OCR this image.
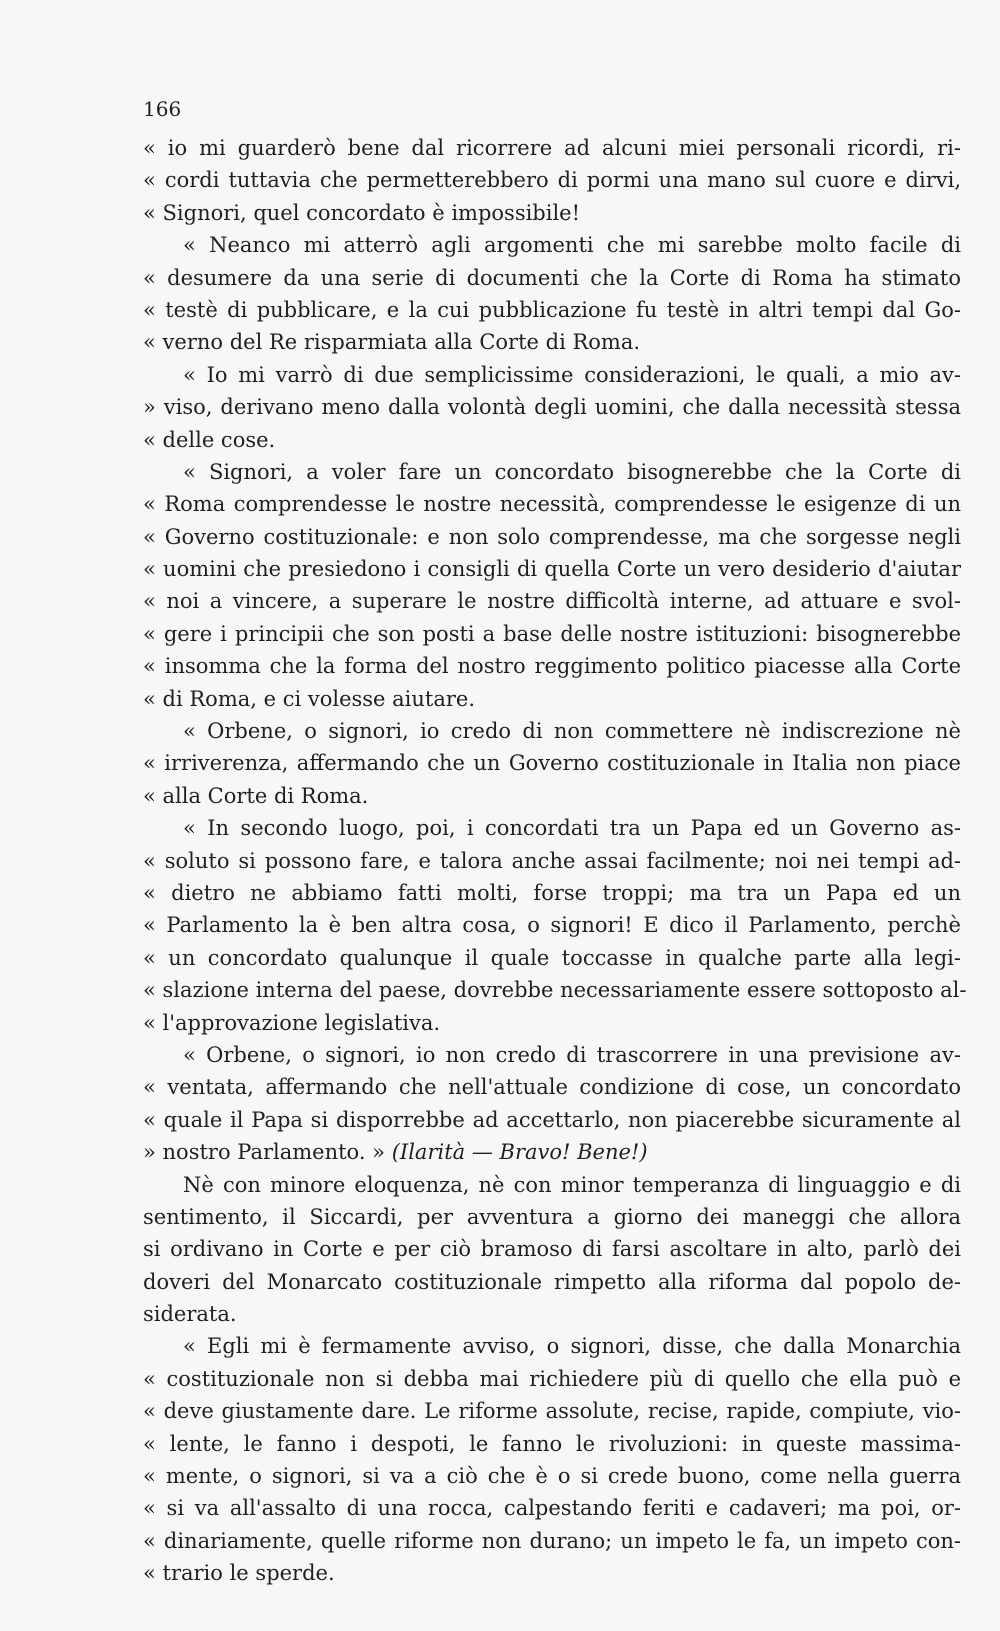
166
« io mi guarderò bene dal ricorrere ad alcuni miei personali ricordi, ri-
« cordi tuttavia che permetterebbero di pormi una mano sul cuore e dirvi,
« Signori, quel concordato è impossibile!
« Neanco mi atterrò agli argomenti che mi sarebbe molto facile di
« desumere da una serie di documenti che la Corte di Roma ha stimato
« testè di pubblicare, e la cui pubblicazione fu testè in altri tempi dal Go-
« verno del Re risparmiata alla Corte di Roma.
« Io mi varrò di due semplicissime considerazioni, le quali, a mio av-
» viso, derivano meno dalla volontà degli uomini, che dalla necessità stessa
« delle cose.
« Signori, a voler fare un concordato bisognerebbe che la Corte di
« Roma comprendesse le nostre necessità, comprendesse le esigenze di un
« Governo costituzionale: e non solo comprendesse, ma che sorgesse negli
« uomini che presiedono i consigli di quella Corte un vero desiderio d'aiutar
« noi a vincere, a superare le nostre difficoltà interne, ad attuare e svol-
« gere i principii che son posti a base delle nostre istituzioni: bisognerebbe
« insomma che la forma del nostro reggimento politico piacesse alla Corte
« di Roma, e ci volesse aiutare.
« Orbene, o signori, io credo di non commettere nè indiscrezione nè
« irriverenza, affermando che un Governo costituzionale in Italia non piace
« alla Corte di Roma.
« In secondo luogo, poi, i concordati tra un Papa ed un Governo as-
« soluto si possono fare, e talora anche assai facilmente; noi nei tempi ad-
« dietro ne abbiamo fatti molti, forse troppi; ma tra un Papa ed un
« Parlamento la è ben altra cosa, o signori! E dico il Parlamento, perchè
« un concordato qualunque il quale toccasse in qualche parte alla legi-
« slazione interna del paese, dovrebbe necessariamente essere sottoposto al-
« l'approvazione legislativa.
« Orbene, o signori, io non credo di trascorrere in una previsione av-
« ventata, affermando che nell'attuale condizione di cose, un concordato
« quale il Papa si disporrebbe ad accettarlo, non piacerebbe sicuramente al
» nostro Parlamento. » (Ilarità — Bravo! Bene!)
Nè con minore eloquenza, nè con minor temperanza di linguaggio e di
sentimento, il Siccardi, per avventura a giorno dei maneggi che allora
si ordivano in Corte e per ciò bramoso di farsi ascoltare in alto, parlò dei
doveri del Monarcato costituzionale rimpetto alla riforma dal popolo de-
siderata.
« Egli mi è fermamente avviso, o signori, disse, che dalla Monarchia
« costituzionale non si debba mai richiedere più di quello che ella può e
« deve giustamente dare. Le riforme assolute, recise, rapide, compiute, vio-
« lente, le fanno i despoti, le fanno le rivoluzioni: in queste massima-
« mente, o signori, si va a ciò che è o si crede buono, come nella guerra
« si va all'assalto di una rocca, calpestando feriti e cadaveri; ma poi, or-
« dinariamente, quelle riforme non durano; un impeto le fa, un impeto con-
« trario le sperde.
